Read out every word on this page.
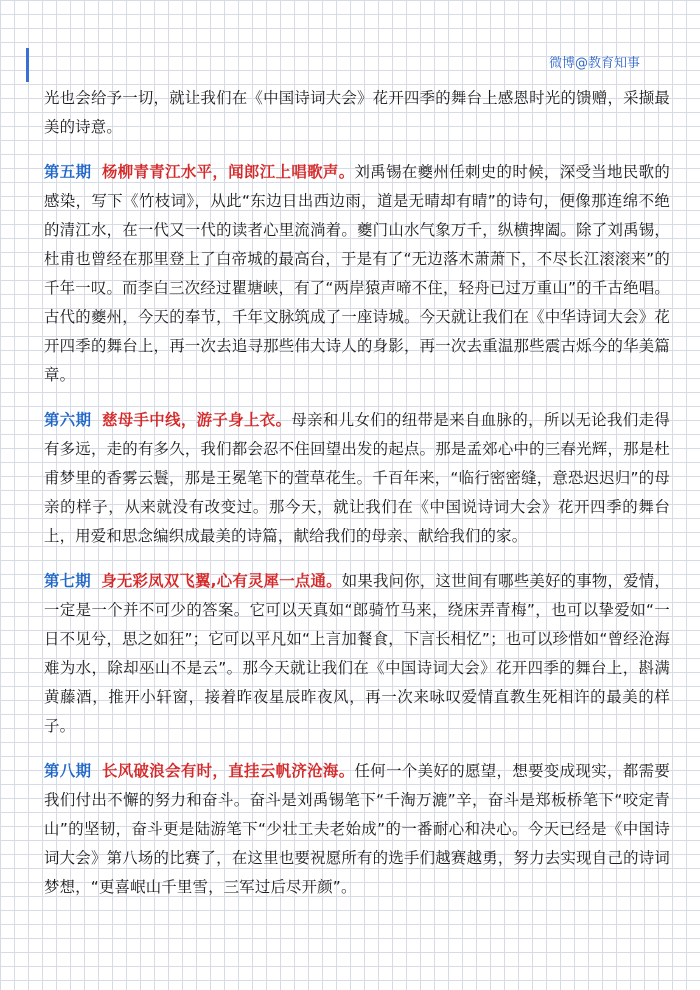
微博@教育知事

光也会给予一切，就让我们在《中国诗词大会》花开四季的舞台上感恩时光的馈赠，采撷最美的诗意。

第五期 杨柳青青江水平，闻郎江上唱歌声。刘禹锡在夔州任刺史的时候，深受当地民歌的感染，写下《竹枝词》，从此“东边日出西边雨，道是无晴却有晴”的诗句，便像那连绵不绝的清江水，在一代又一代的读者心里流淌着。夔门山水气象万千，纵横捭阖。除了刘禹锡，杜甫也曾经在那里登上了白帝城的最高台，于是有了“无边落木萧萧下，不尽长江滚滚来”的千年一叹。而李白三次经过瞿塘峡，有了“两岸猿声啼不住，轻舟已过万重山”的千古绝唱。古代的夔州，今天的奉节，千年文脉筑成了一座诗城。今天就让我们在《中华诗词大会》花开四季的舞台上，再一次去追寻那些伟大诗人的身影，再一次去重温那些震古烁今的华美篇章。

第六期 慈母手中线，游子身上衣。母亲和儿女们的纽带是来自血脉的，所以无论我们走得有多远，走的有多久，我们都会忍不住回望出发的起点。那是孟郊心中的三春光辉，那是杜甫梦里的香雾云鬟，那是王冕笔下的萱草花生。千百年来，“临行密密缝，意恐迟迟归”的母亲的样子，从来就没有改变过。那今天，就让我们在《中国说诗词大会》花开四季的舞台上，用爱和思念编织成最美的诗篇，献给我们的母亲、献给我们的家。

第七期 身无彩凤双飞翼,心有灵犀一点通。如果我问你，这世间有哪些美好的事物，爱情，一定是一个并不可少的答案。它可以天真如“郎骑竹马来，绕床弄青梅”，也可以挚爱如“一日不见兮，思之如狂”；它可以平凡如“上言加餐食，下言长相忆”；也可以珍惜如“曾经沧海难为水，除却巫山不是云”。那今天就让我们在《中国诗词大会》花开四季的舞台上，斟满黄藤酒，推开小轩窗，接着昨夜星辰昨夜风，再一次来咏叹爱情直教生死相许的最美的样子。

第八期 长风破浪会有时，直挂云帆济沧海。任何一个美好的愿望，想要变成现实，都需要我们付出不懈的努力和奋斗。奋斗是刘禹锡笔下“千淘万漉”辛，奋斗是郑板桥笔下“咬定青山”的坚韧，奋斗更是陆游笔下“少壮工夫老始成”的一番耐心和决心。今天已经是《中国诗词大会》第八场的比赛了，在这里也要祝愿所有的选手们越赛越勇，努力去实现自己的诗词梦想，“更喜岷山千里雪，三军过后尽开颜”。
